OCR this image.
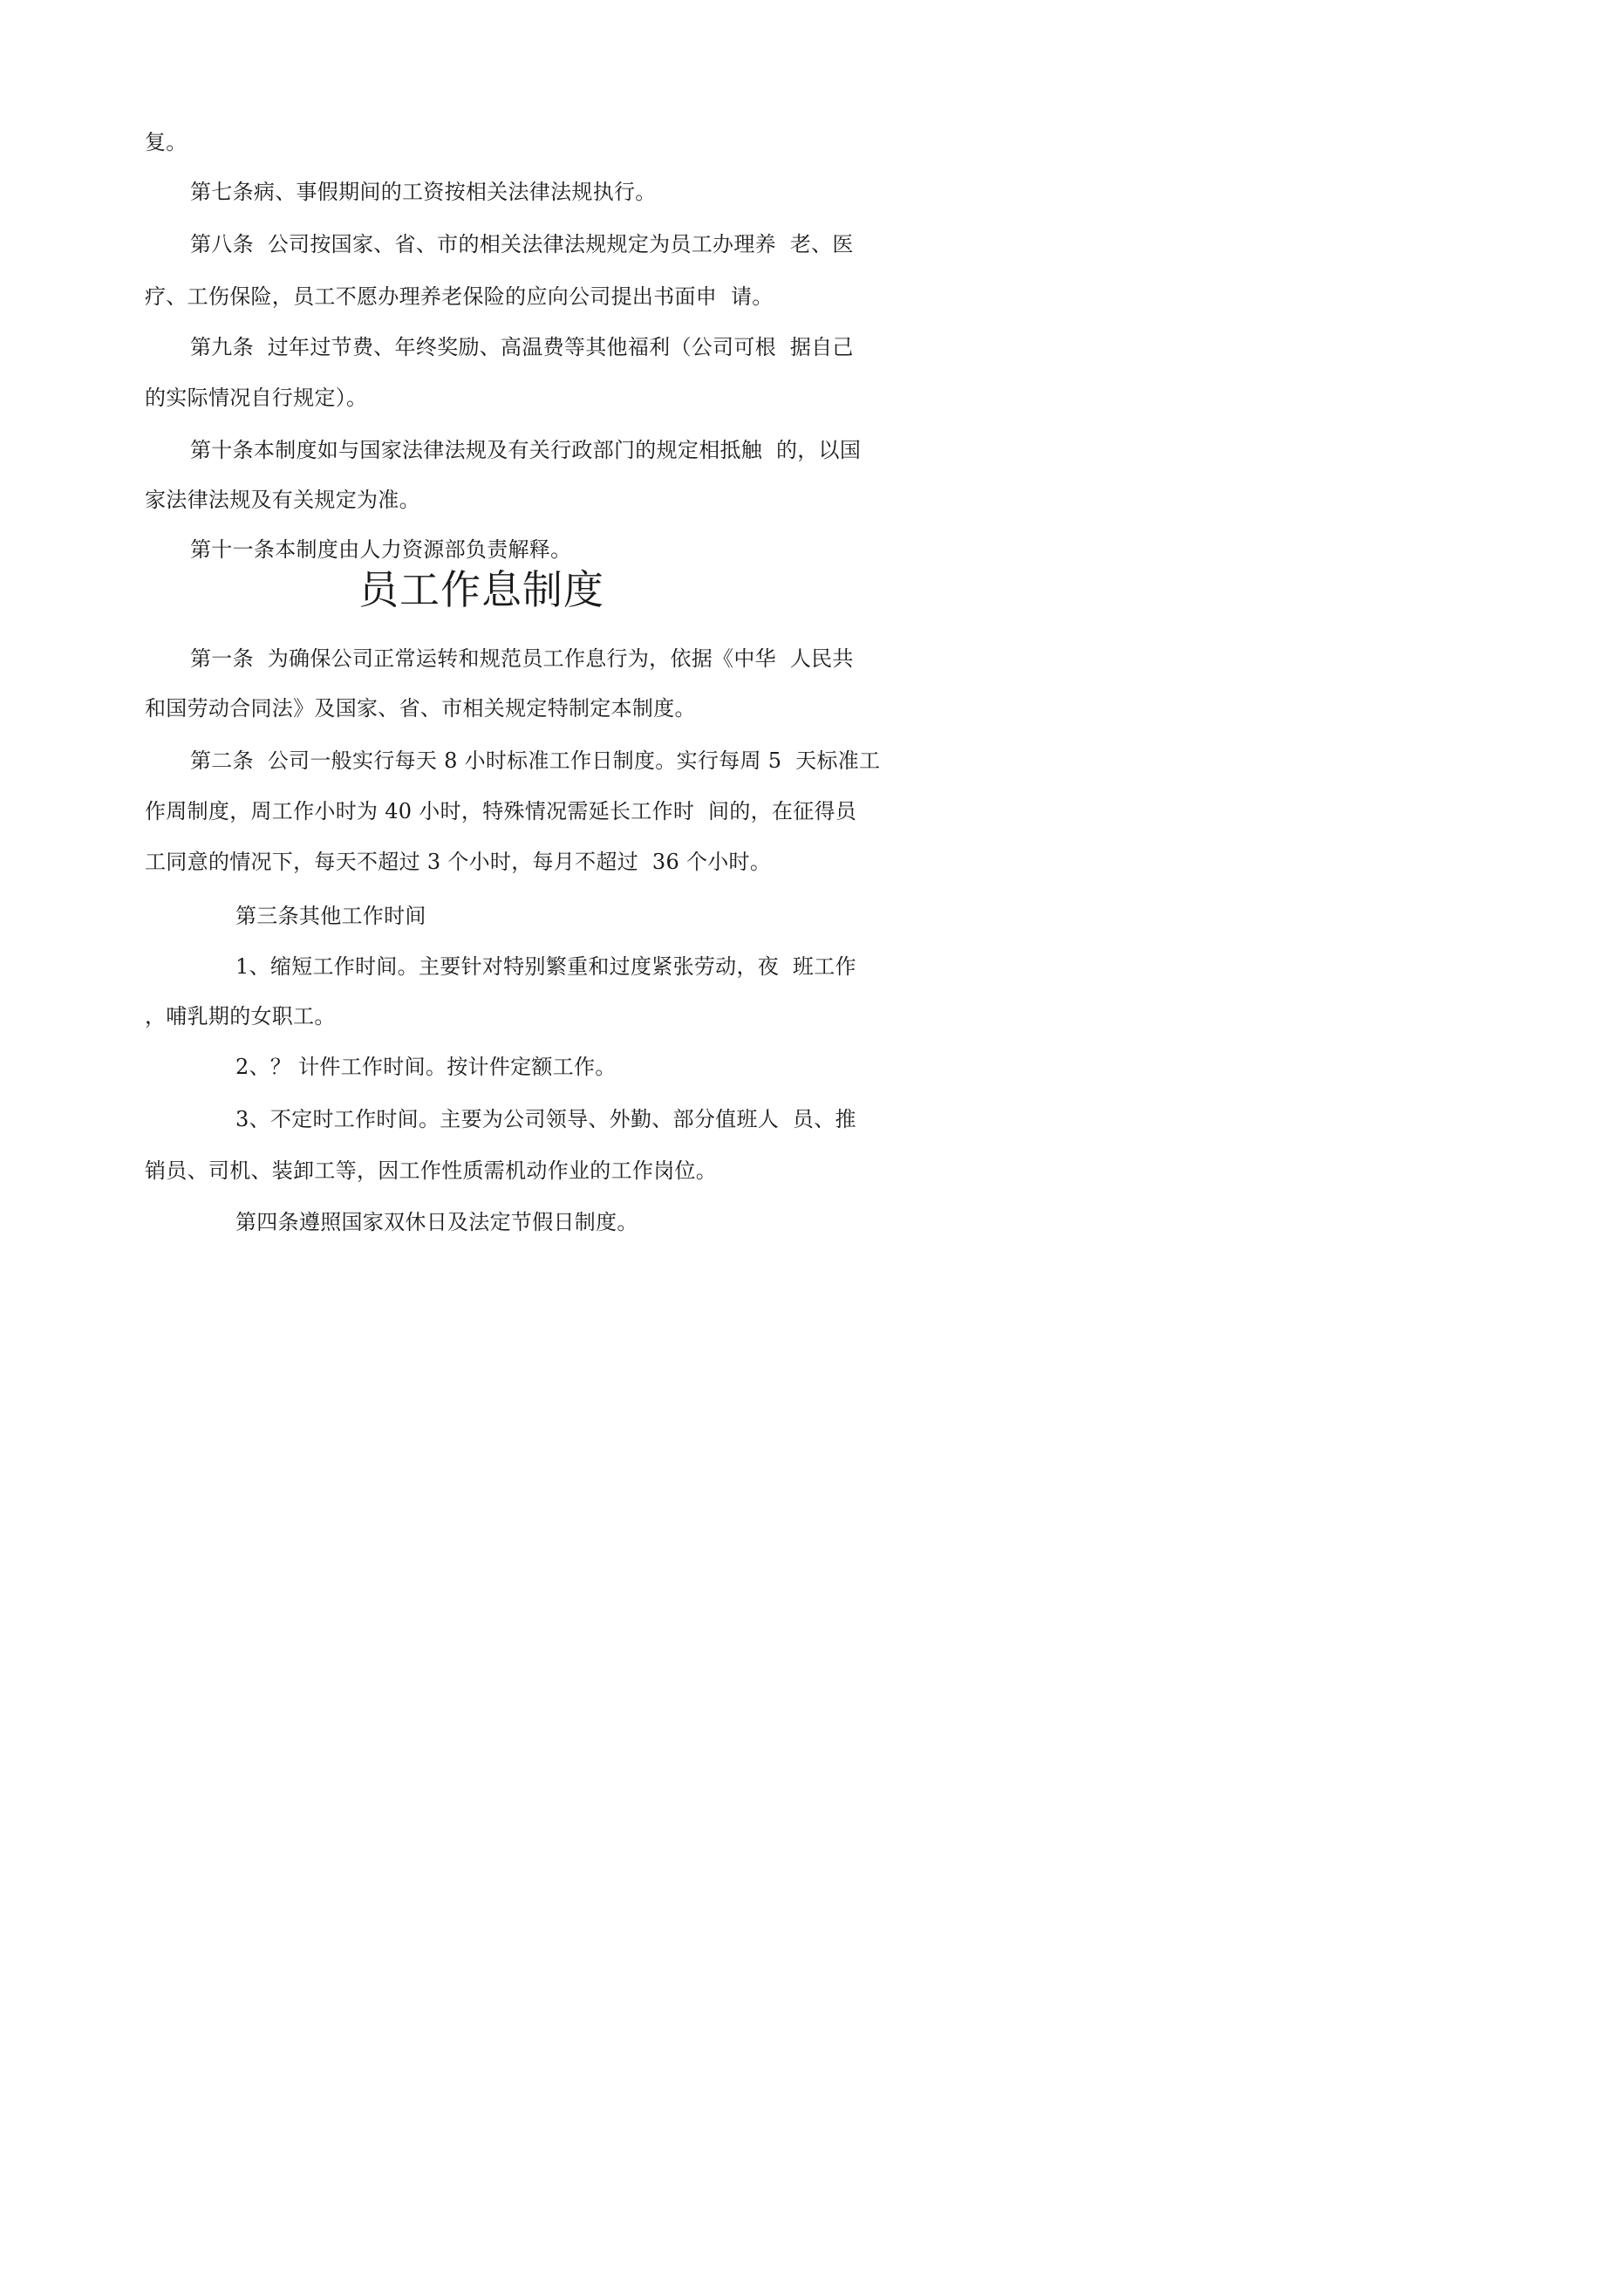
复。
第七条病、事假期间的工资按相关法律法规执行。
第八条  公司按国家、省、市的相关法律法规规定为员工办理养  老、医
疗、工伤保险，员工不愿办理养老保险的应向公司提出书面申  请。
第九条  过年过节费、年终奖励、高温费等其他福利（公司可根  据自己
的实际情况自行规定）。
第十条本制度如与国家法律法规及有关行政部门的规定相抵触  的，以国
家法律法规及有关规定为准。
第十一条本制度由人力资源部负责解释。
员工作息制度
第一条  为确保公司正常运转和规范员工作息行为，依据《中华  人民共
和国劳动合同法》及国家、省、市相关规定特制定本制度。
第二条  公司一般实行每天 8 小时标准工作日制度。实行每周 5  天标准工
作周制度，周工作小时为 40 小时，特殊情况需延长工作时  间的，在征得员
工同意的情况下，每天不超过 3 个小时，每月不超过  36 个小时。
第三条其他工作时间
1、缩短工作时间。主要针对特别繁重和过度紧张劳动，夜  班工作
，哺乳期的女职工。
2、？ 计件工作时间。按计件定额工作。
3、不定时工作时间。主要为公司领导、外勤、部分值班人  员、推
销员、司机、装卸工等，因工作性质需机动作业的工作岗位。
第四条遵照国家双休日及法定节假日制度。
